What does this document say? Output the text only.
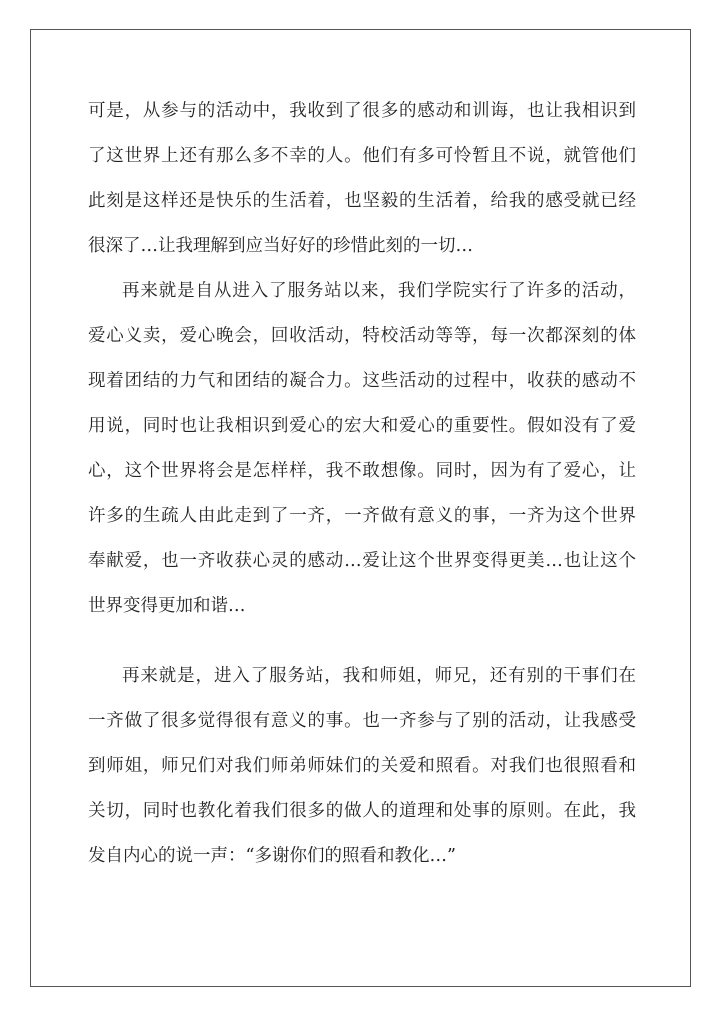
可是，从参与的活动中，我收到了很多的感动和训诲，也让我相识到
了这世界上还有那么多不幸的人。他们有多可怜暂且不说，就管他们
此刻是这样还是快乐的生活着，也坚毅的生活着，给我的感受就已经
很深了…让我理解到应当好好的珍惜此刻的一切…
再来就是自从进入了服务站以来，我们学院实行了许多的活动，
爱心义卖，爱心晚会，回收活动，特校活动等等，每一次都深刻的体
现着团结的力气和团结的凝合力。这些活动的过程中，收获的感动不
用说，同时也让我相识到爱心的宏大和爱心的重要性。假如没有了爱
心，这个世界将会是怎样样，我不敢想像。同时，因为有了爱心，让
许多的生疏人由此走到了一齐，一齐做有意义的事，一齐为这个世界
奉献爱，也一齐收获心灵的感动…爱让这个世界变得更美…也让这个
世界变得更加和谐…
再来就是，进入了服务站，我和师姐，师兄，还有别的干事们在
一齐做了很多觉得很有意义的事。也一齐参与了别的活动，让我感受
到师姐，师兄们对我们师弟师妹们的关爱和照看。对我们也很照看和
关切，同时也教化着我们很多的做人的道理和处事的原则。在此，我
发自内心的说一声：“多谢你们的照看和教化…”
